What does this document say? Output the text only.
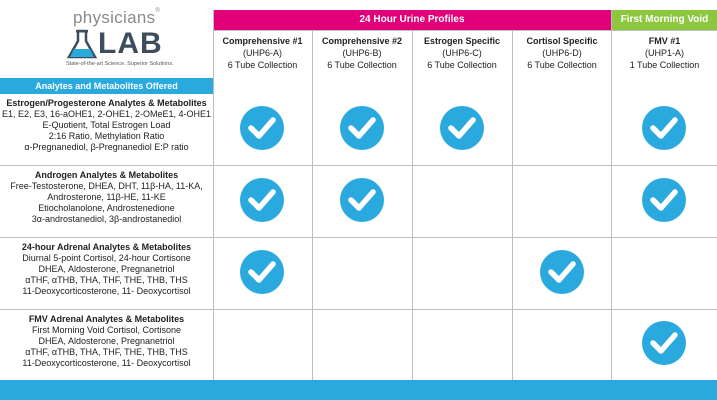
physicians®
LAB
State-of-the-art Science. Superior Solutions.
24 Hour Urine Profiles	First Morning Void
Comprehensive #1
(UHP6-A)
6 Tube Collection
Comprehensive #2
(UHP6-B)
6 Tube Collection
Estrogen Specific
(UHP6-C)
6 Tube Collection
Cortisol Specific
(UHP6-D)
6 Tube Collection
FMV #1
(UHP1-A)
1 Tube Collection
Analytes and Metabolites Offered
Estrogen/Progesterone Analytes & Metabolites
E1, E2, E3, 16-aOHE1, 2-OHE1, 2-OMeE1, 4-OHE1
E-Quotient, Total Estrogen Load
2:16 Ratio, Methylation Ratio
α-Pregnanediol, β-Pregnanediol E:P ratio
Androgen Analytes & Metabolites
Free-Testosterone, DHEA, DHT, 11β-HA, 11-KA,
Androsterone, 11β-HE, 11-KE
Etiocholanolone, Androstenedione
3α-androstanediol, 3β-androstanediol
24-hour Adrenal Analytes & Metabolites
Diurnal 5-point Cortisol, 24-hour Cortisone
DHEA, Aldosterone, Pregnanetriol
αTHF, αTHB, THA, THF, THE, THB, THS
11-Deoxycorticosterone, 11- Deoxycortisol
FMV Adrenal Analytes & Metabolites
First Morning Void Cortisol, Cortisone
DHEA, Aldosterone, Pregnanetriol
αTHF, αTHB, THA, THF, THE, THB, THS
11-Deoxycorticosterone, 11- Deoxycortisol
